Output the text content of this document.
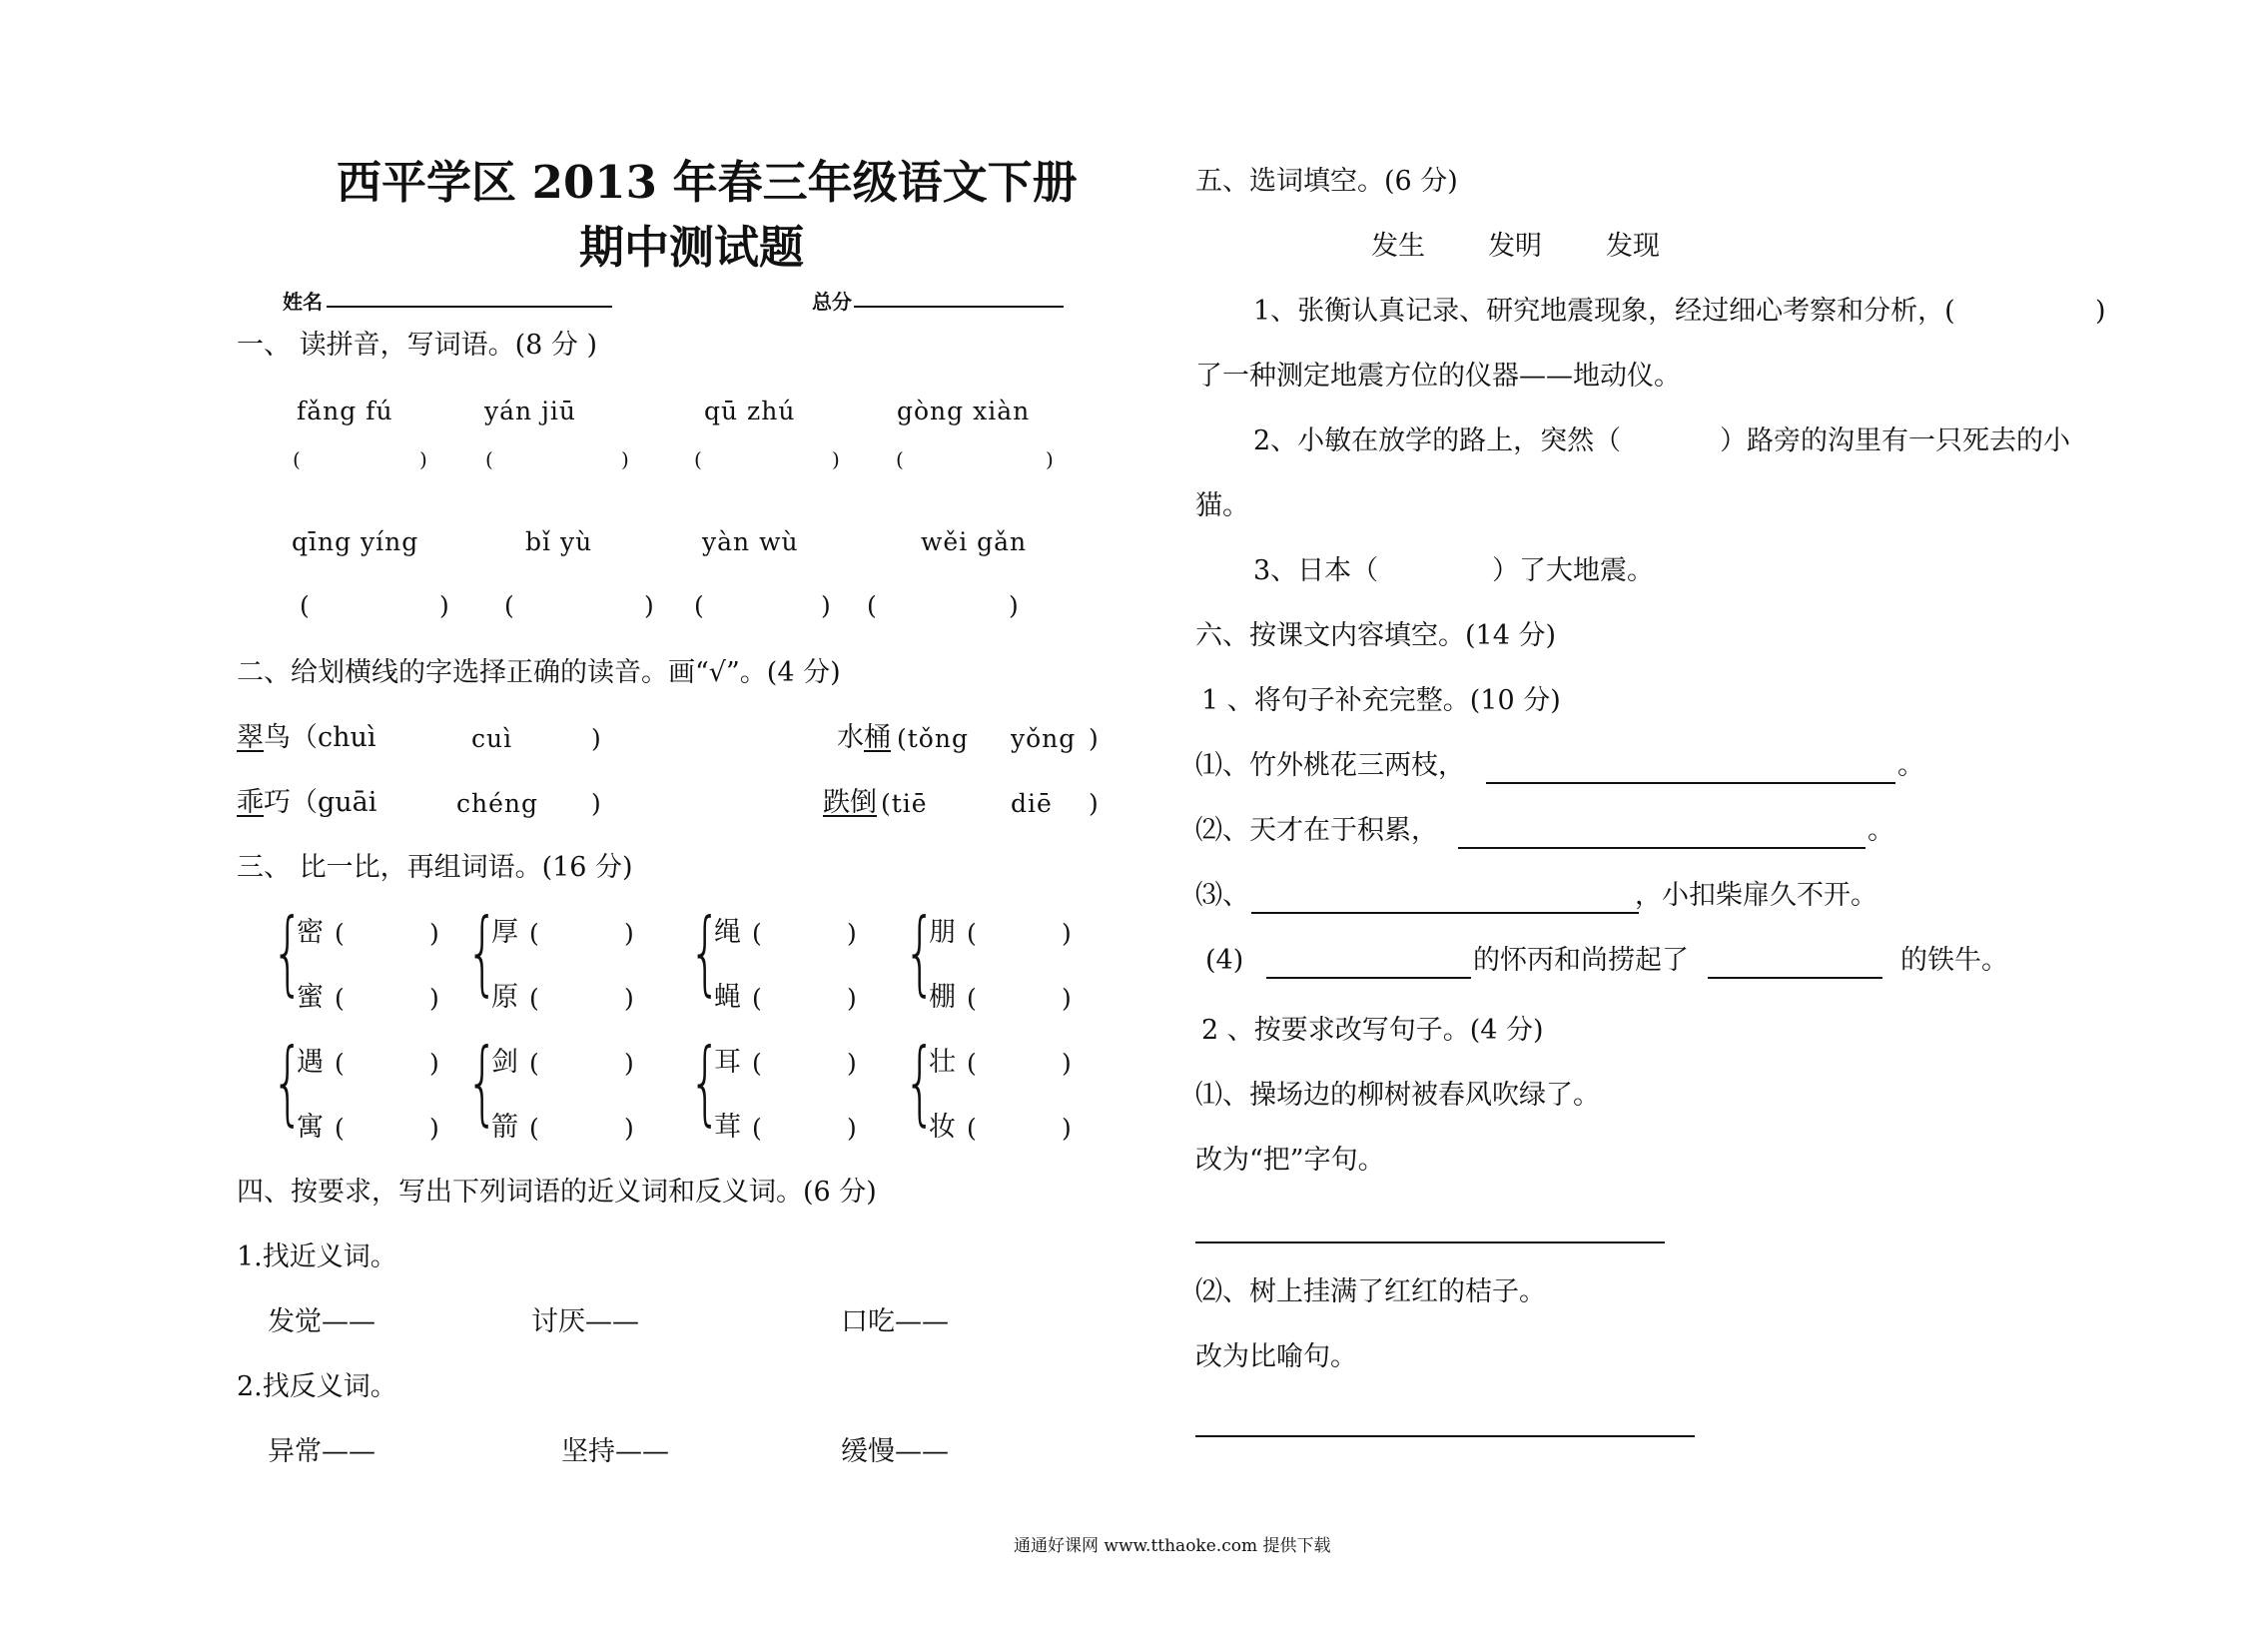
西平学区 2013 年春三年级语文下册
期中测试题
姓名	总分
一、 读拼音，写词语。(8 分 )
fǎng fú	yán jiū	qū zhú	gòng xiàn
(	)	(	)	(	)	(	)
qīng yíng	bǐ yù	yàn wù	wěi gǎn
(	) (	) (	) (	)
二、给划横线的字选择正确的读音。画“√”。(4 分)
翠鸟（chuì	cuì	)	水桶 (tǒng yǒng )
乖巧（guāi	chéng )	跌倒 (tiē	diē )
三、 比一比，再组词语。(16 分)
{
密 (	)
蜜 (	) {
厚 (	)
原 (	) {
绳 (	)
蝇 (	) {
朋 (	)
棚 (	)
{
遇 (	)
寓 (	) {
剑 (	)
箭 (	) {
耳 (	)
茸 (	) {
壮 (	)
妆 (	)
四、按要求，写出下列词语的近义词和反义词。(6 分)
1.找近义词。
发觉——	讨厌——	口吃——
2.找反义词。
异常——	坚持——	缓慢——
五、选词填空。(6 分)
发生 发明 发现
1、张衡认真记录、研究地震现象，经过细心考察和分析，(	)
了一种测定地震方位的仪器——地动仪。
2、小敏在放学的路上，突然（	）路旁的沟里有一只死去的小
猫。
3、日本（	）了大地震。
六、按课文内容填空。(14 分)
1 、将句子补充完整。(10 分)
⑴、竹外桃花三两枝，	。
⑵、天才在于积累，	。
⑶、	，小扣柴扉久不开。
(4)	的怀丙和尚捞起了	的铁牛。
2 、按要求改写句子。(4 分)
⑴、操场边的柳树被春风吹绿了。
改为“把”字句。
⑵、树上挂满了红红的桔子。
改为比喻句。
通通好课网 www.tthaoke.com 提供下载
